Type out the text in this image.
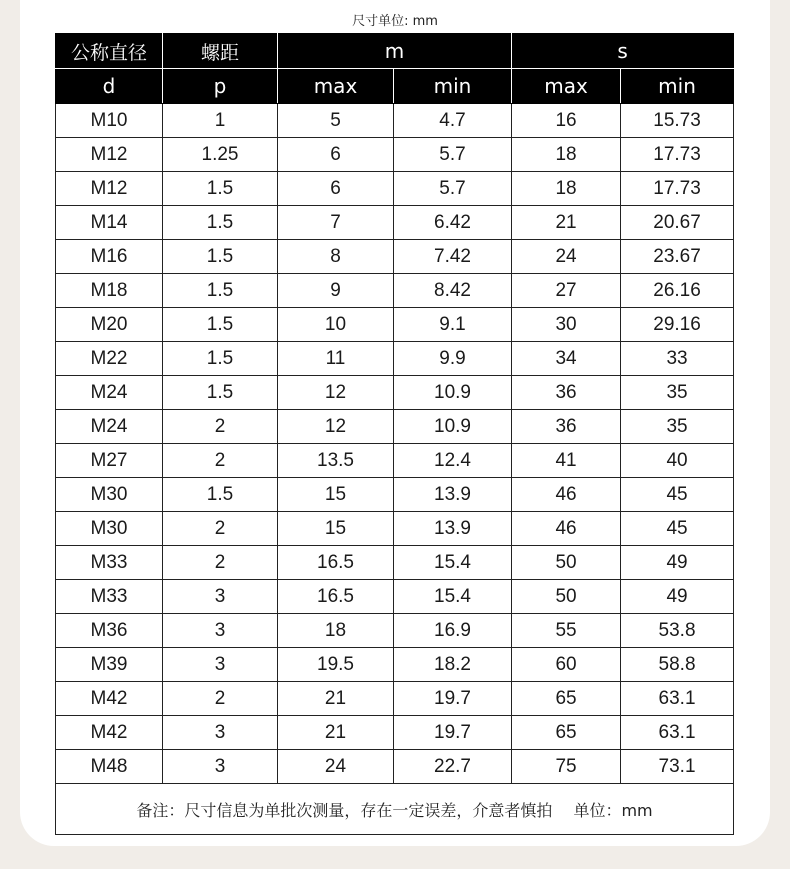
尺寸单位: mm
公称直径	螺距	m		s	
d	p	max	min	max	min
M10	1	5	4.7	16	15.73
M12	1.25	6	5.7	18	17.73
M12	1.5	6	5.7	18	17.73
M14	1.5	7	6.42	21	20.67
M16	1.5	8	7.42	24	23.67
M18	1.5	9	8.42	27	26.16
M20	1.5	10	9.1	30	29.16
M22	1.5	11	9.9	34	33
M24	1.5	12	10.9	36	35
M24	2	12	10.9	36	35
M27	2	13.5	12.4	41	40
M30	1.5	15	13.9	46	45
M30	2	15	13.9	46	45
M33	2	16.5	15.4	50	49
M33	3	16.5	15.4	50	49
M36	3	18	16.9	55	53.8
M39	3	19.5	18.2	60	58.8
M42	2	21	19.7	65	63.1
M42	3	21	19.7	65	63.1
M48	3	24	22.7	75	73.1
备注：尺寸信息为单批次测量，存在一定误差，介意者慎拍　 单位：mm					
